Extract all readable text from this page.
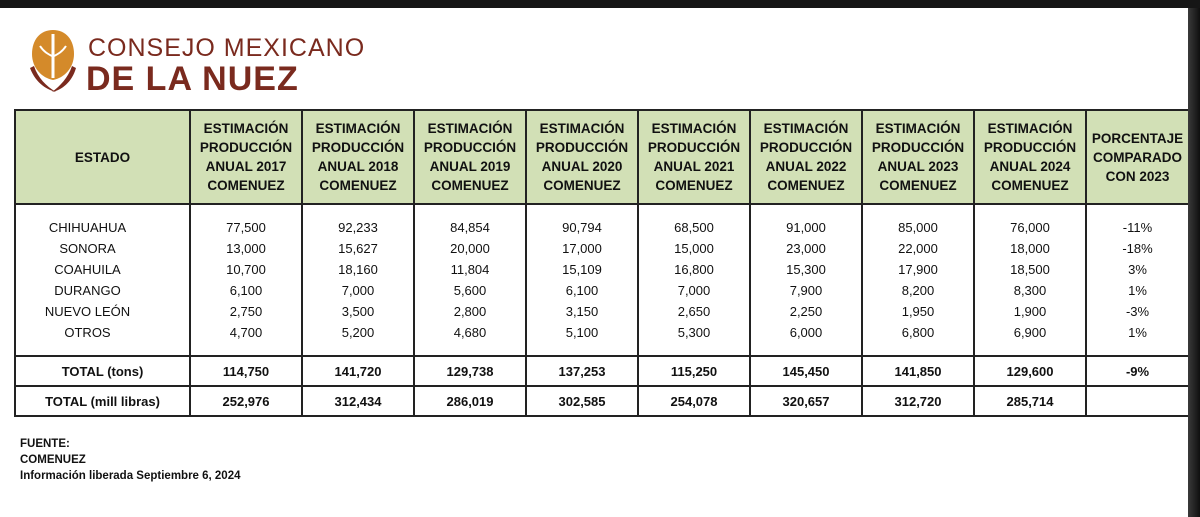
CONSEJO MEXICANO
DE LA NUEZ
ESTADO	ESTIMACIÓN PRODUCCIÓN ANUAL 2017 COMENUEZ	ESTIMACIÓN PRODUCCIÓN ANUAL 2018 COMENUEZ	ESTIMACIÓN PRODUCCIÓN ANUAL 2019 COMENUEZ	ESTIMACIÓN PRODUCCIÓN ANUAL 2020 COMENUEZ	ESTIMACIÓN PRODUCCIÓN ANUAL 2021 COMENUEZ	ESTIMACIÓN PRODUCCIÓN ANUAL 2022 COMENUEZ	ESTIMACIÓN PRODUCCIÓN ANUAL 2023 COMENUEZ	ESTIMACIÓN PRODUCCIÓN ANUAL 2024 COMENUEZ	PORCENTAJE COMPARADO CON 2023
CHIHUAHUA	77,500	92,233	84,854	90,794	68,500	91,000	85,000	76,000	-11%
SONORA	13,000	15,627	20,000	17,000	15,000	23,000	22,000	18,000	-18%
COAHUILA	10,700	18,160	11,804	15,109	16,800	15,300	17,900	18,500	3%
DURANGO	6,100	7,000	5,600	6,100	7,000	7,900	8,200	8,300	1%
NUEVO LEÓN	2,750	3,500	2,800	3,150	2,650	2,250	1,950	1,900	-3%
OTROS	4,700	5,200	4,680	5,100	5,300	6,000	6,800	6,900	1%
TOTAL (tons)	114,750	141,720	129,738	137,253	115,250	145,450	141,850	129,600	-9%
TOTAL (mill libras)	252,976	312,434	286,019	302,585	254,078	320,657	312,720	285,714	
FUENTE:
COMENUEZ
Información liberada Septiembre 6, 2024
